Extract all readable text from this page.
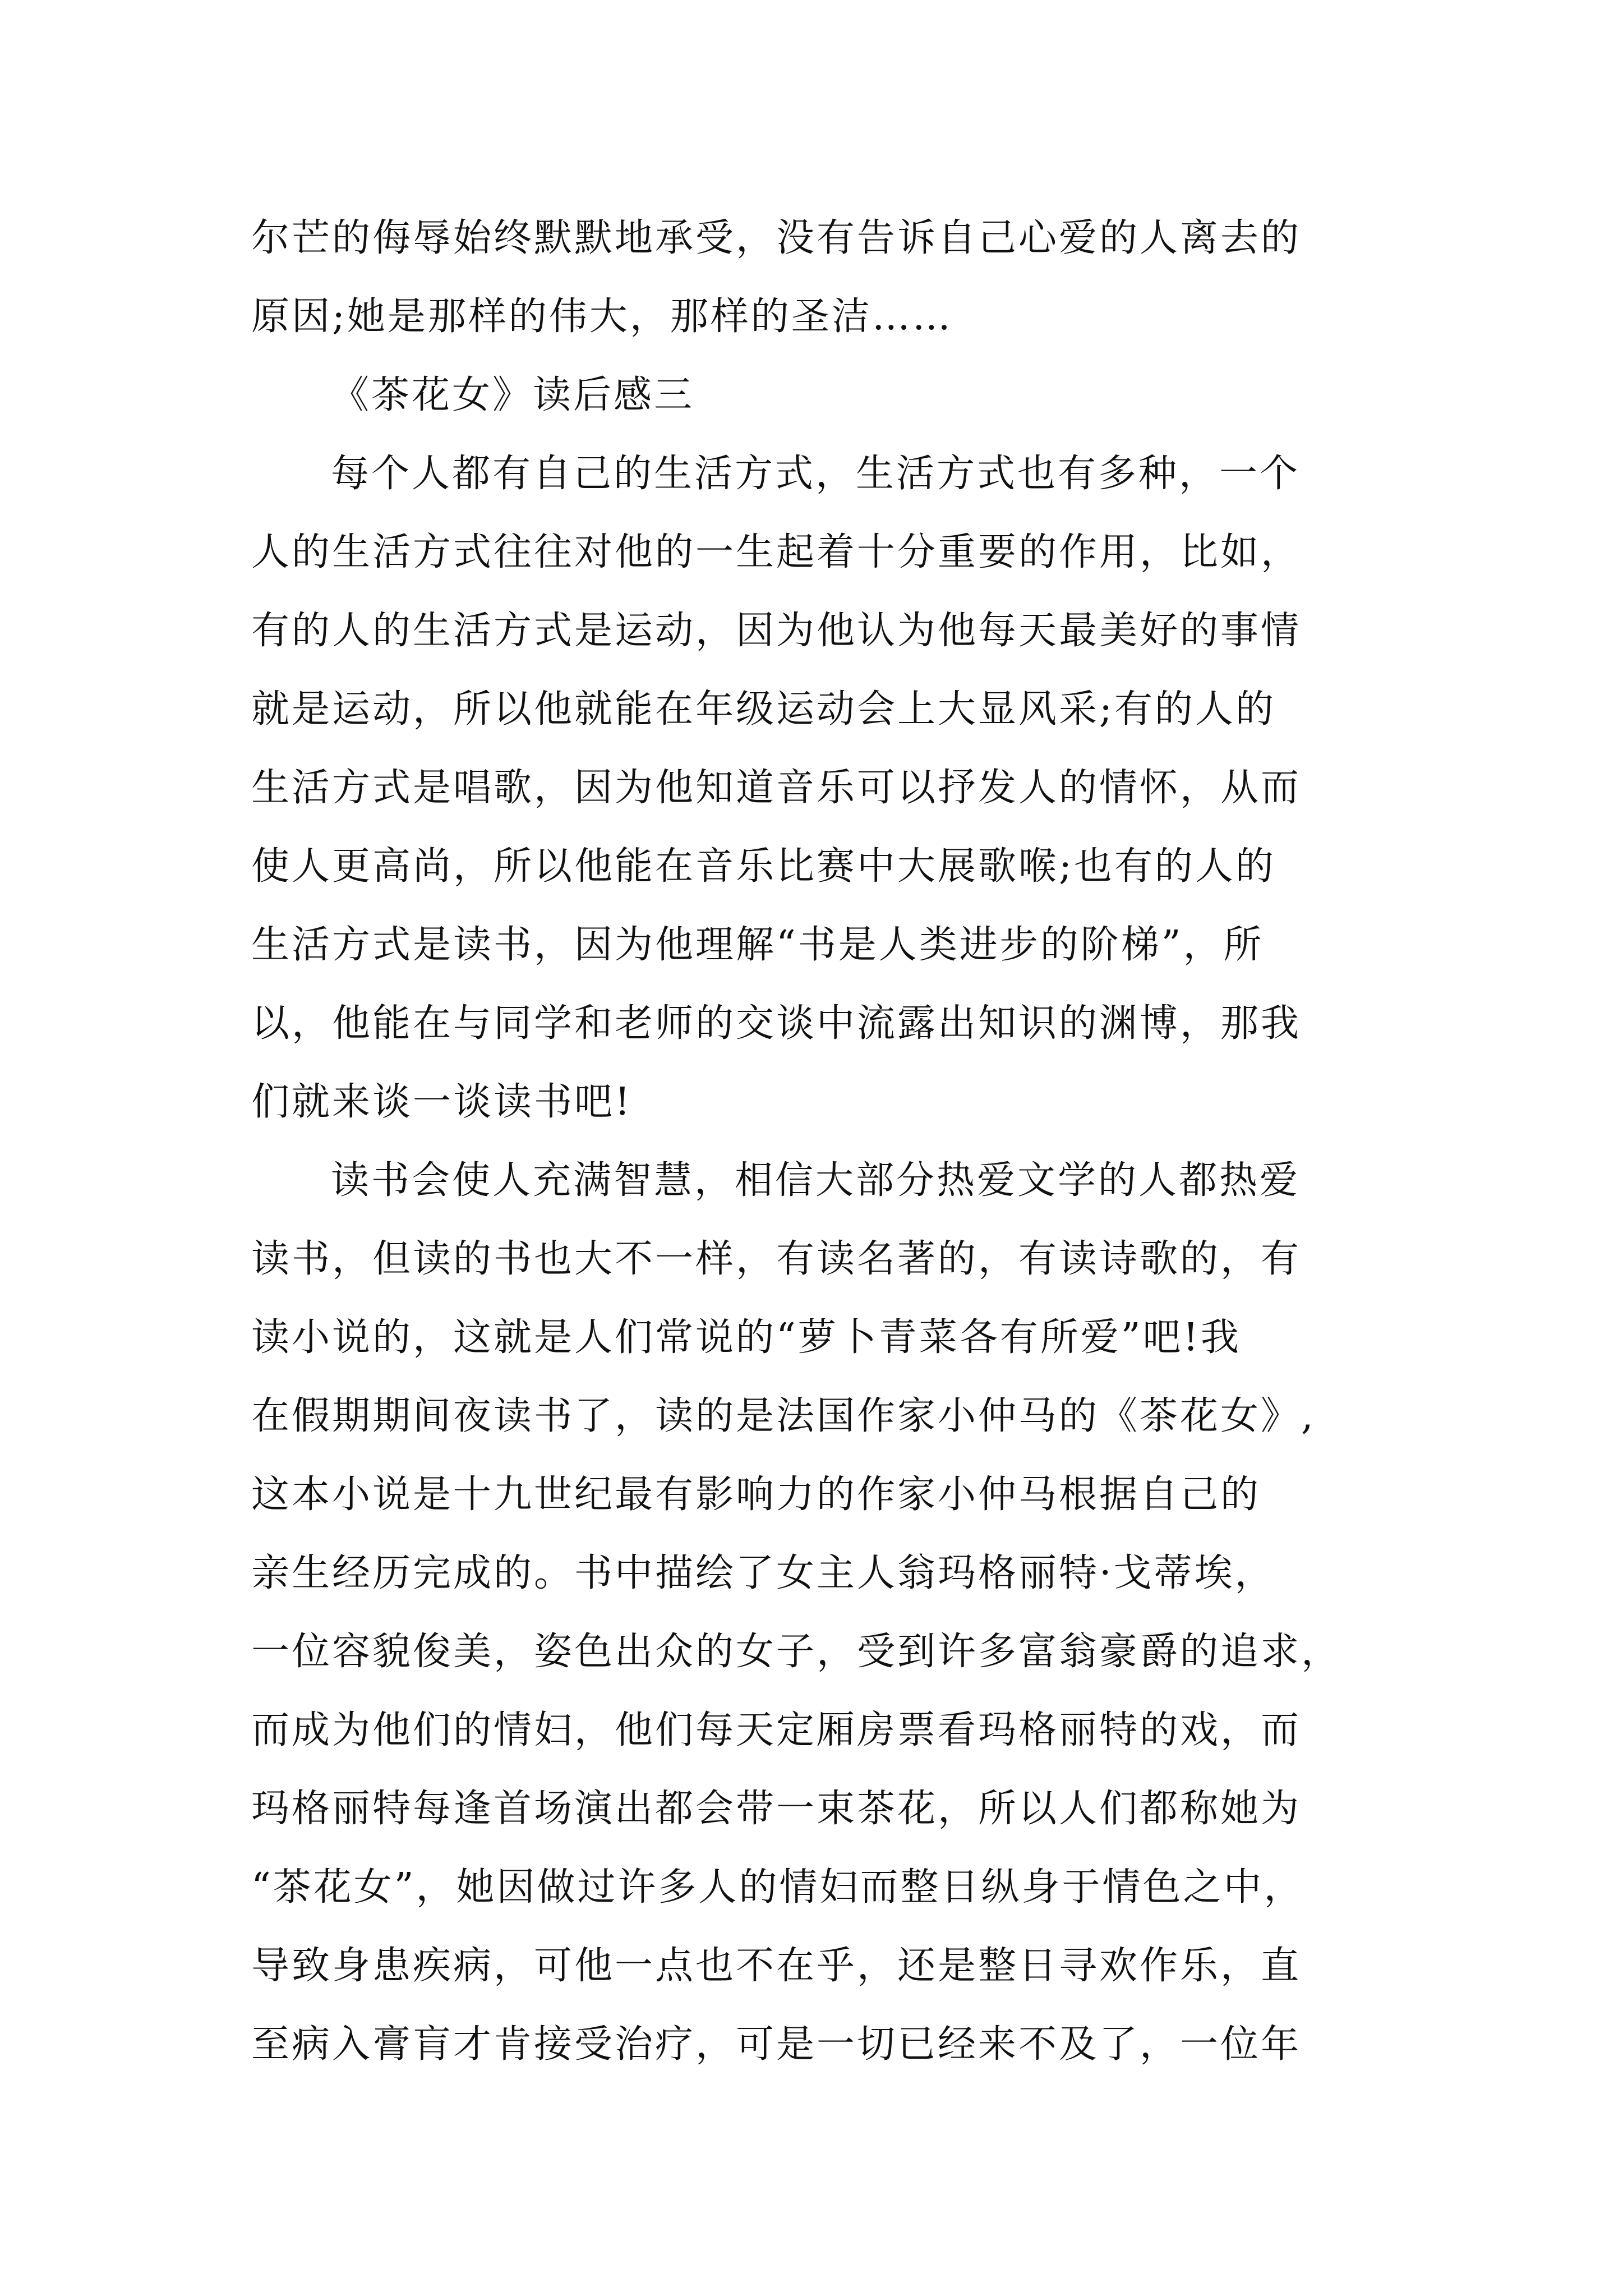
尔芒的侮辱始终默默地承受，没有告诉自己心爱的人离去的
原因;她是那样的伟大，那样的圣洁……
《茶花女》读后感三
每个人都有自己的生活方式，生活方式也有多种，一个
人的生活方式往往对他的一生起着十分重要的作用，比如，
有的人的生活方式是运动，因为他认为他每天最美好的事情
就是运动，所以他就能在年级运动会上大显风采;有的人的
生活方式是唱歌，因为他知道音乐可以抒发人的情怀，从而
使人更高尚，所以他能在音乐比赛中大展歌喉;也有的人的
生活方式是读书，因为他理解“书是人类进步的阶梯”，所
以，他能在与同学和老师的交谈中流露出知识的渊博，那我
们就来谈一谈读书吧!
读书会使人充满智慧，相信大部分热爱文学的人都热爱
读书，但读的书也大不一样，有读名著的，有读诗歌的，有
读小说的，这就是人们常说的“萝卜青菜各有所爱”吧!我
在假期期间夜读书了，读的是法国作家小仲马的《茶花女》,
这本小说是十九世纪最有影响力的作家小仲马根据自己的
亲生经历完成的。书中描绘了女主人翁玛格丽特·戈蒂埃，
一位容貌俊美，姿色出众的女子，受到许多富翁豪爵的追求，
而成为他们的情妇，他们每天定厢房票看玛格丽特的戏，而
玛格丽特每逢首场演出都会带一束茶花，所以人们都称她为
“茶花女”，她因做过许多人的情妇而整日纵身于情色之中，
导致身患疾病，可他一点也不在乎，还是整日寻欢作乐，直
至病入膏肓才肯接受治疗，可是一切已经来不及了，一位年
